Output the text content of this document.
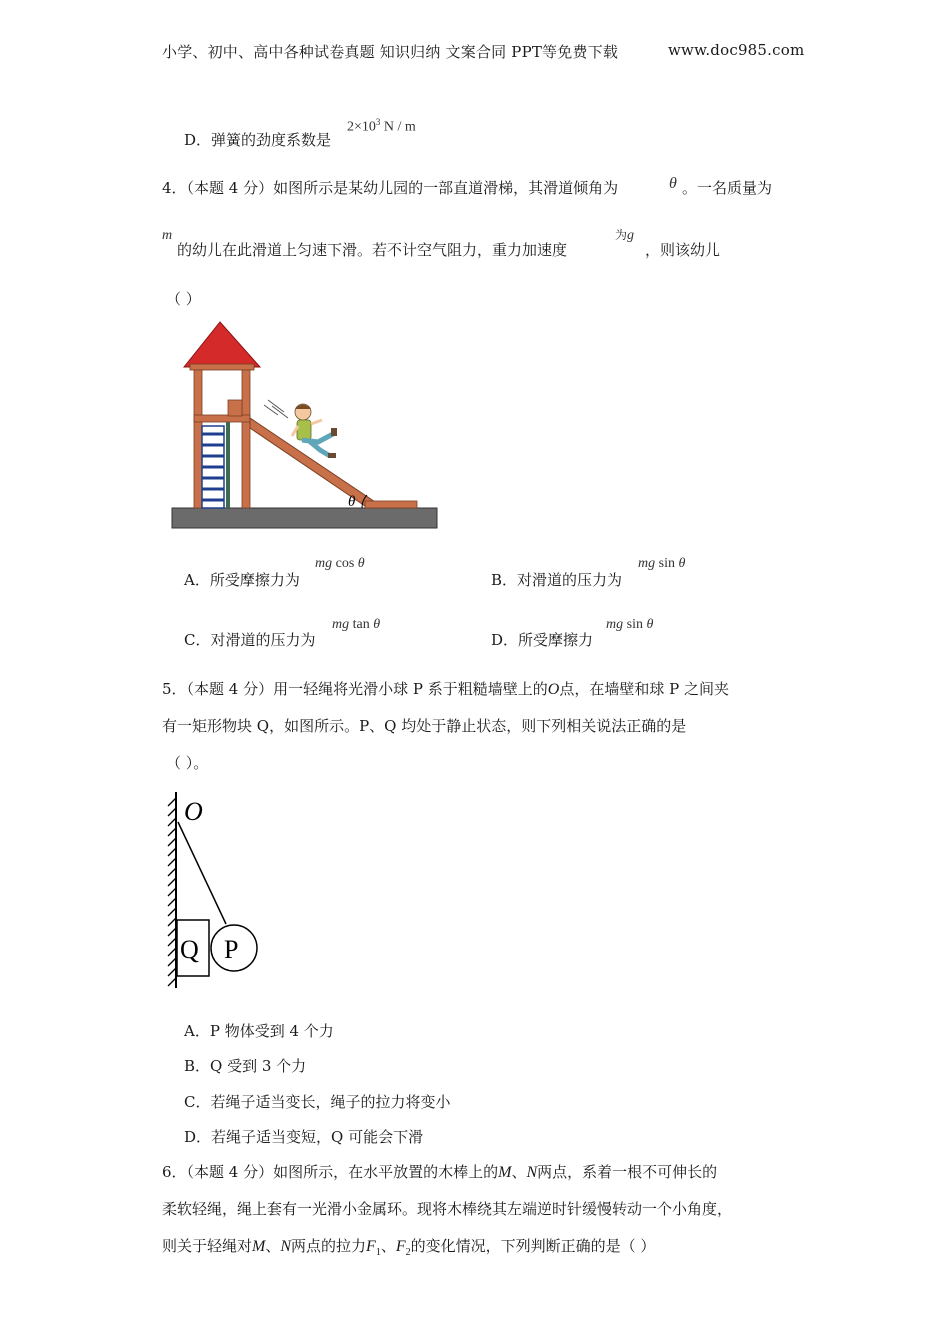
小学、初中、高中各种试卷真题 知识归纳 文案合同 PPT等免费下载	www.doc985.com
D．弹簧的劲度系数是
$2\times 10^3$ N / m
4．（本题 4 分）如图所示是某幼儿园的一部直道滑梯，其滑道倾角为	θ 。一名质量为
m
的幼儿在此滑道上匀速下滑。若不计空气阻力，重力加速度
为g
，则该幼儿
（ ）
θ
A．所受摩擦力为
mg cos θ
B．对滑道的压力为
mg sin θ
C．对滑道的压力为
mg tan θ
D．所受摩擦力
mg sin θ
5．（本题 4 分）用一轻绳将光滑小球 P 系于粗糙墙壁上的O点，在墙壁和球 P 之间夹
有一矩形物块 Q，如图所示。P、Q 均处于静止状态，则下列相关说法正确的是
（ ）。
O
Q P
A．P 物体受到 4 个力
B．Q 受到 3 个力
C．若绳子适当变长，绳子的拉力将变小
D．若绳子适当变短，Q 可能会下滑
6．（本题 4 分）如图所示，在水平放置的木棒上的M、N两点，系着一根不可伸长的
柔软轻绳，绳上套有一光滑小金属环。现将木棒绕其左端逆时针缓慢转动一个小角度，
则关于轻绳对M、N两点的拉力$F_1$、$F_2$的变化情况，下列判断正确的是（ ）
